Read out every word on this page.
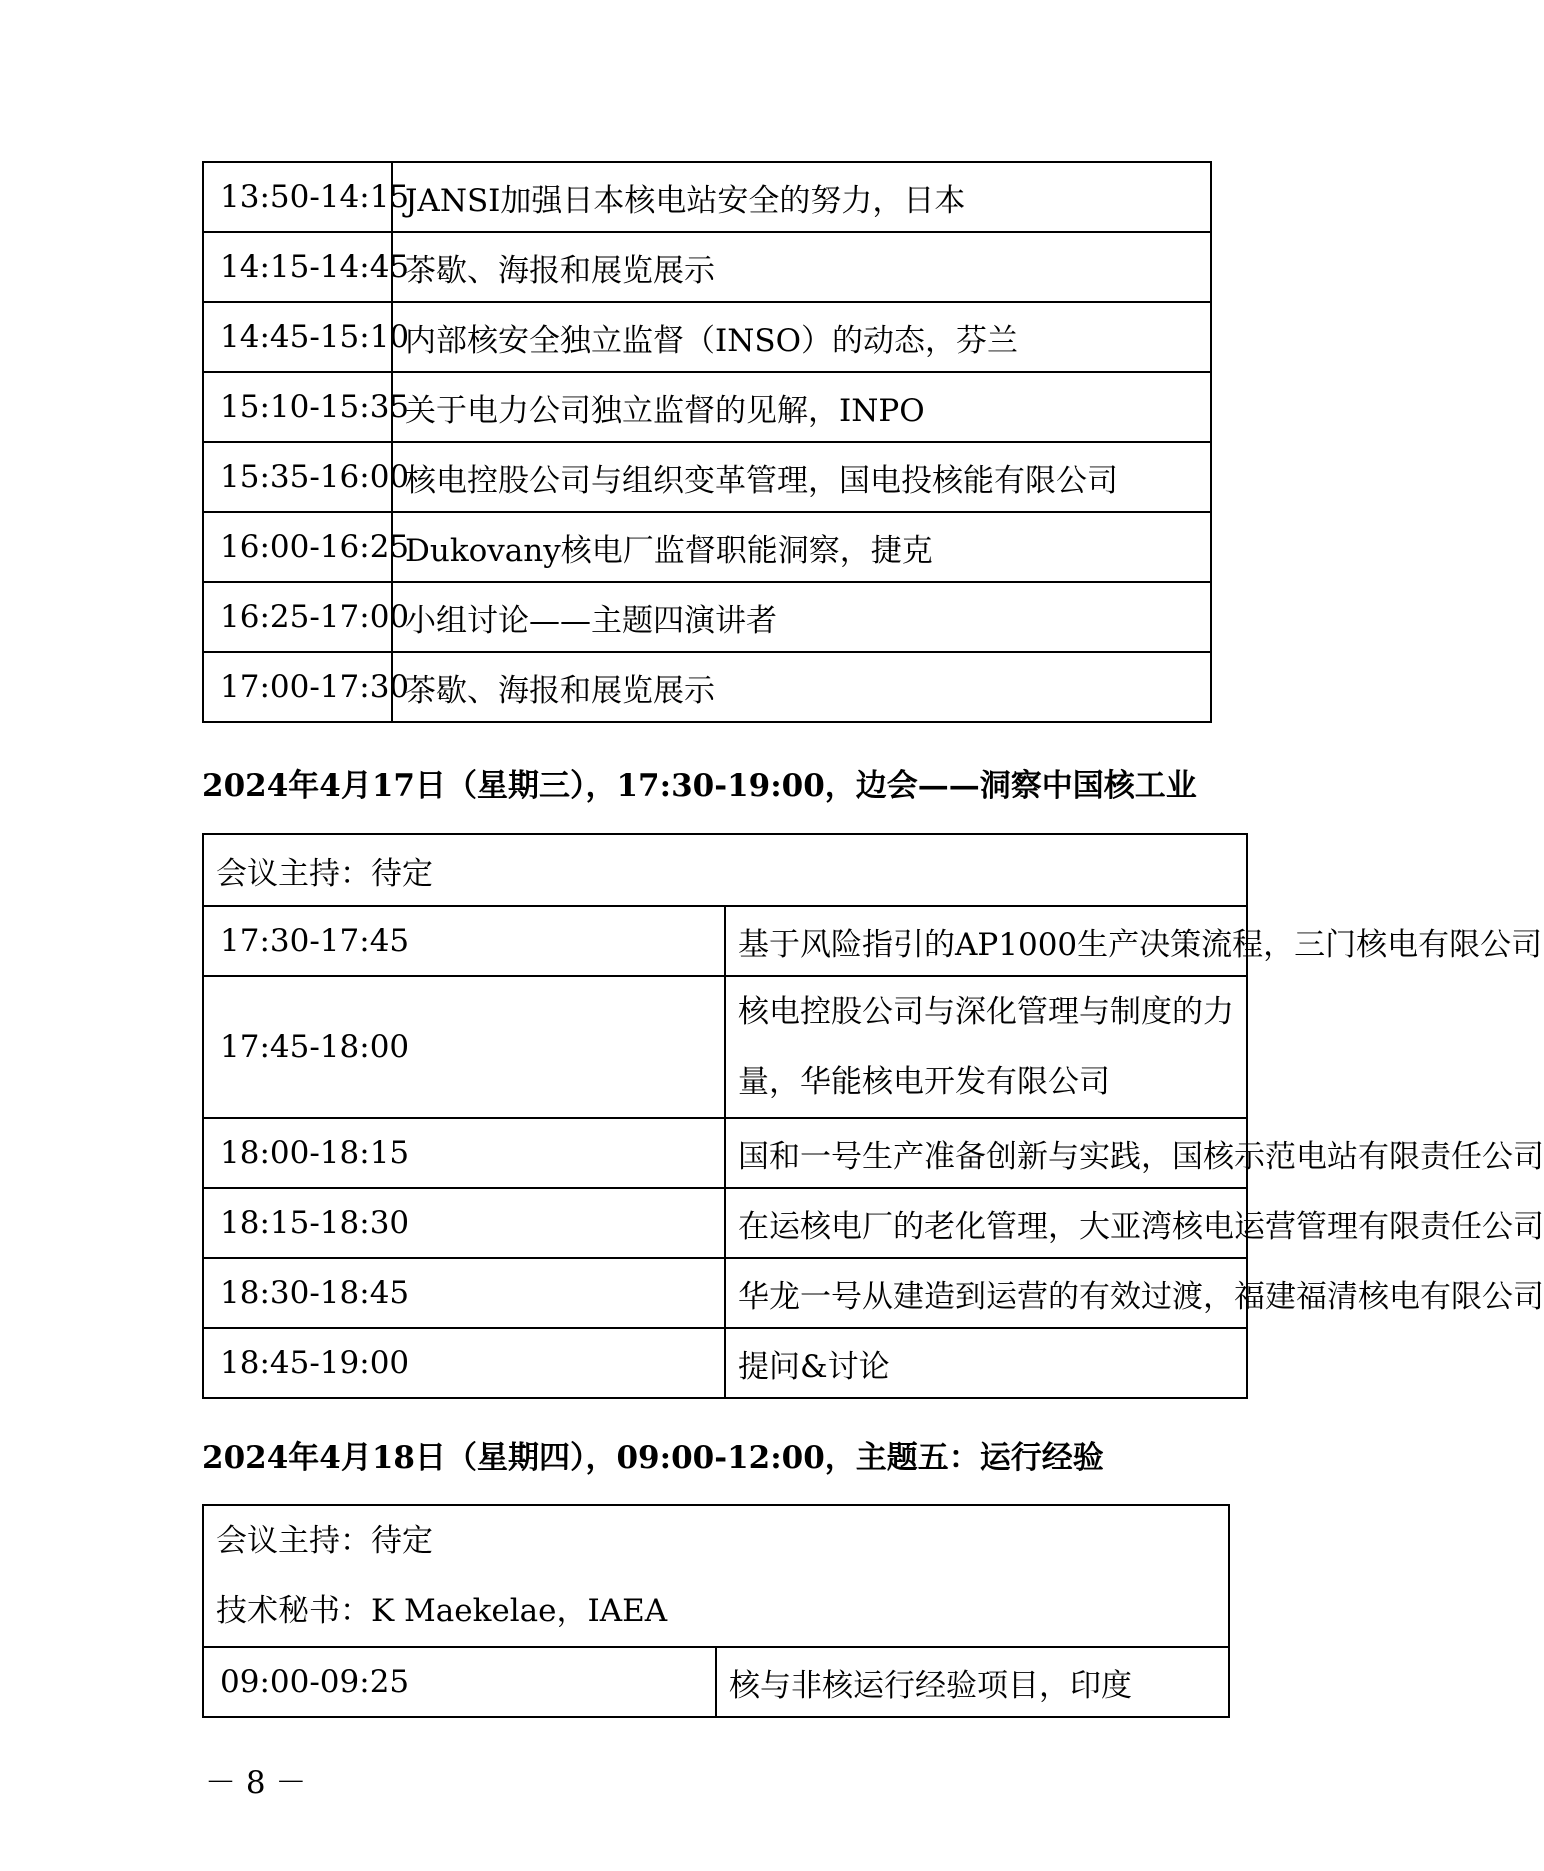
13:50-14:15	JANSI加强日本核电站安全的努力，日本
14:15-14:45	茶歇、海报和展览展示
14:45-15:10	内部核安全独立监督（INSO）的动态，芬兰
15:10-15:35	关于电力公司独立监督的见解，INPO
15:35-16:00	核电控股公司与组织变革管理，国电投核能有限公司
16:00-16:25	Dukovany核电厂监督职能洞察，捷克
16:25-17:00	小组讨论——主题四演讲者
17:00-17:30	茶歇、海报和展览展示
2024年4月17日（星期三），17:30-19:00，边会——洞察中国核工业
会议主持：待定	
17:30-17:45	基于风险指引的AP1000生产决策流程，三门核电有限公司
17:45-18:00	核电控股公司与深化管理与制度的力量，华能核电开发有限公司
18:00-18:15	国和一号生产准备创新与实践，国核示范电站有限责任公司
18:15-18:30	在运核电厂的老化管理，大亚湾核电运营管理有限责任公司
18:30-18:45	华龙一号从建造到运营的有效过渡，福建福清核电有限公司
18:45-19:00	提问&讨论
2024年4月18日（星期四），09:00-12:00，主题五：运行经验
会议主持：待定
技术秘书：K Maekelae，IAEA

09:00-09:25	核与非核运行经验项目，印度
－ 8 －
